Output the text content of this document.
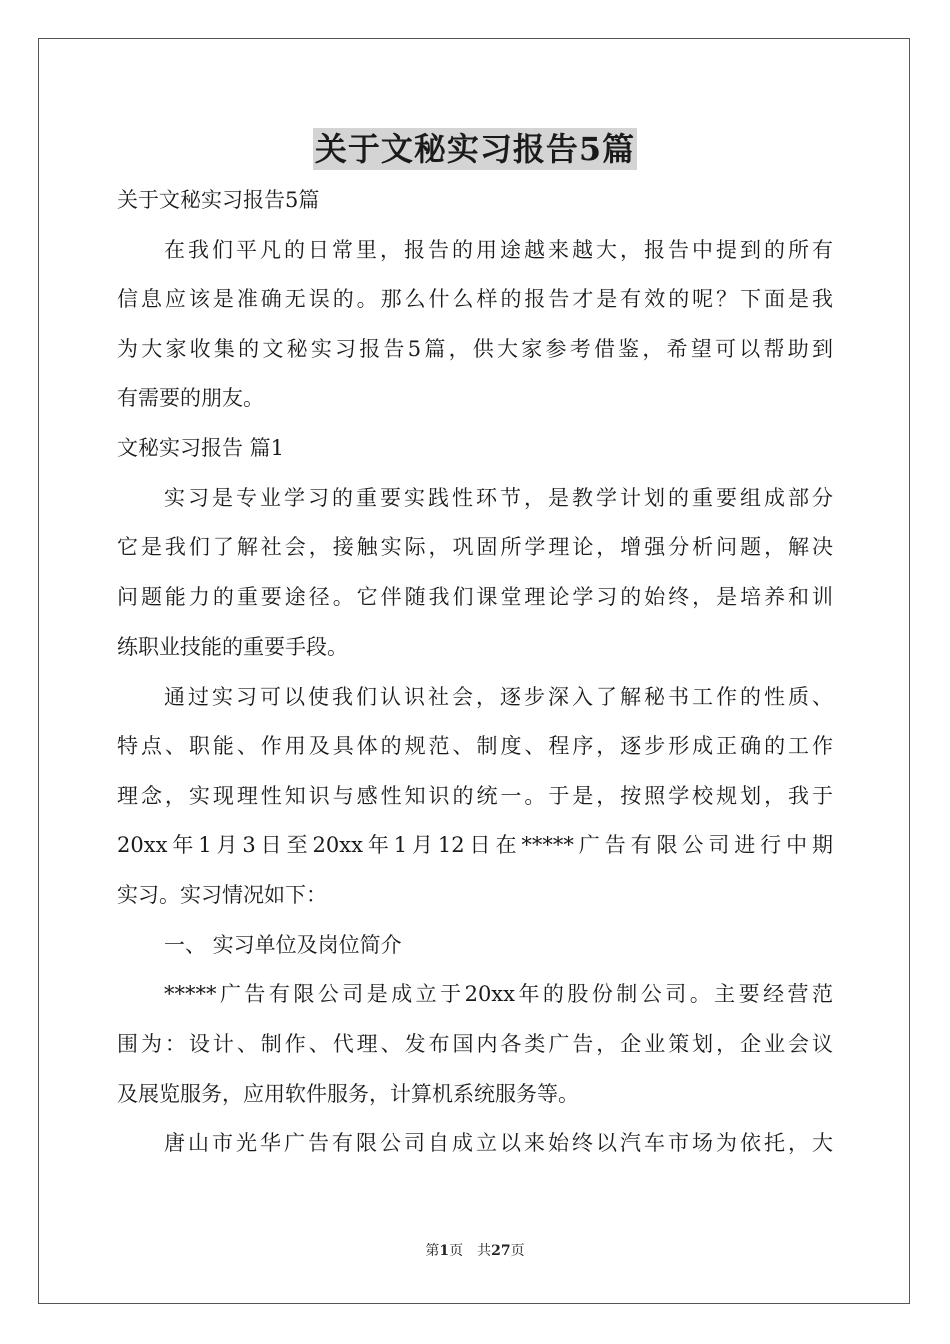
关于文秘实习报告5篇
关于文秘实习报告5篇
在我们平凡的日常里，报告的用途越来越大，报告中提到的所有
信息应该是准确无误的。那么什么样的报告才是有效的呢？下面是我
为大家收集的文秘实习报告5篇，供大家参考借鉴，希望可以帮助到
有需要的朋友。
文秘实习报告 篇1
实习是专业学习的重要实践性环节，是教学计划的重要组成部分
它是我们了解社会，接触实际，巩固所学理论，增强分析问题，解决
问题能力的重要途径。它伴随我们课堂理论学习的始终，是培养和训
练职业技能的重要手段。
通过实习可以使我们认识社会，逐步深入了解秘书工作的性质、
特点、职能、作用及具体的规范、制度、程序，逐步形成正确的工作
理念，实现理性知识与感性知识的统一。于是，按照学校规划，我于
20xx年1月3日至20xx年1月12日在*****广告有限公司进行中期
实习。实习情况如下：
一、 实习单位及岗位简介
*****广告有限公司是成立于20xx年的股份制公司。主要经营范
围为：设计、制作、代理、发布国内各类广告，企业策划，企业会议
及展览服务，应用软件服务，计算机系统服务等。
唐山市光华广告有限公司自成立以来始终以汽车市场为依托，大
第1页　共27页
